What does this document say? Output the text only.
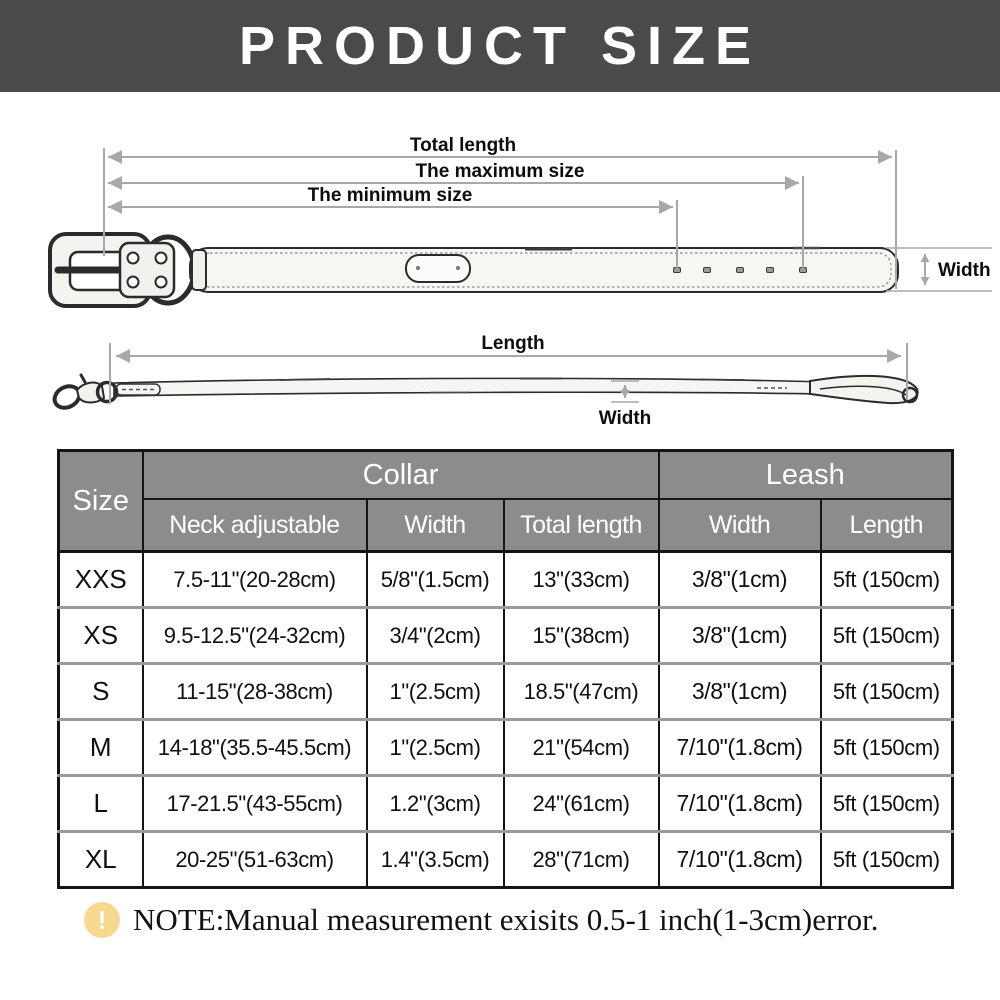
PRODUCT SIZE
Total length
The maximum size
The minimum size
Width
Length
Width
Size	Collar			Leash	
	Neck adjustable	Width	Total length	Width	Length
XXS	7.5-11"(20-28cm)	5/8"(1.5cm)	13"(33cm)	3/8"(1cm)	5ft (150cm)
XS	9.5-12.5"(24-32cm)	3/4"(2cm)	15"(38cm)	3/8"(1cm)	5ft (150cm)
S	11-15"(28-38cm)	1"(2.5cm)	18.5"(47cm)	3/8"(1cm)	5ft (150cm)
M	14-18"(35.5-45.5cm)	1"(2.5cm)	21"(54cm)	7/10"(1.8cm)	5ft (150cm)
L	17-21.5"(43-55cm)	1.2"(3cm)	24"(61cm)	7/10"(1.8cm)	5ft (150cm)
XL	20-25"(51-63cm)	1.4"(3.5cm)	28"(71cm)	7/10"(1.8cm)	5ft (150cm)
! NOTE:Manual measurement exisits 0.5-1 inch(1-3cm)error.
